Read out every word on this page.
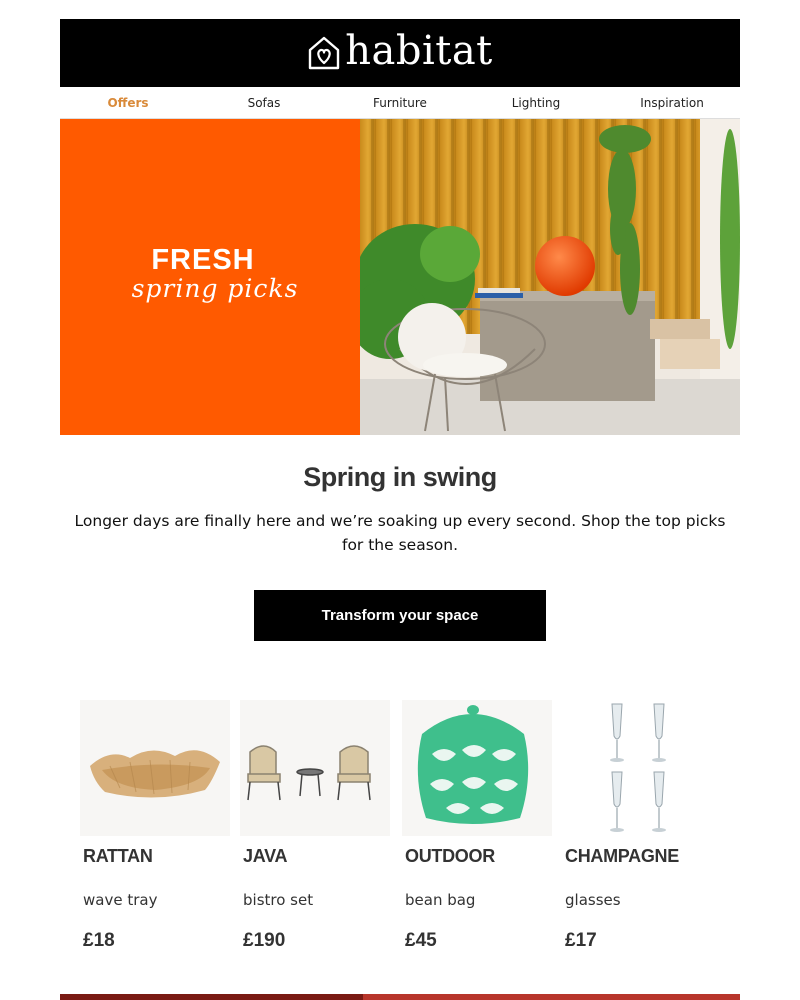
habitat
Offers	Sofas	Furniture	Lighting	Inspiration
FRESH
spring picks
Spring in swing
Longer days are finally here and we’re soaking up every second. Shop the top picks for the season.
Transform your space
RATTAN
wave tray
£18
JAVA
bistro set
£190
OUTDOOR
bean bag
£45
CHAMPAGNE
glasses
£17
